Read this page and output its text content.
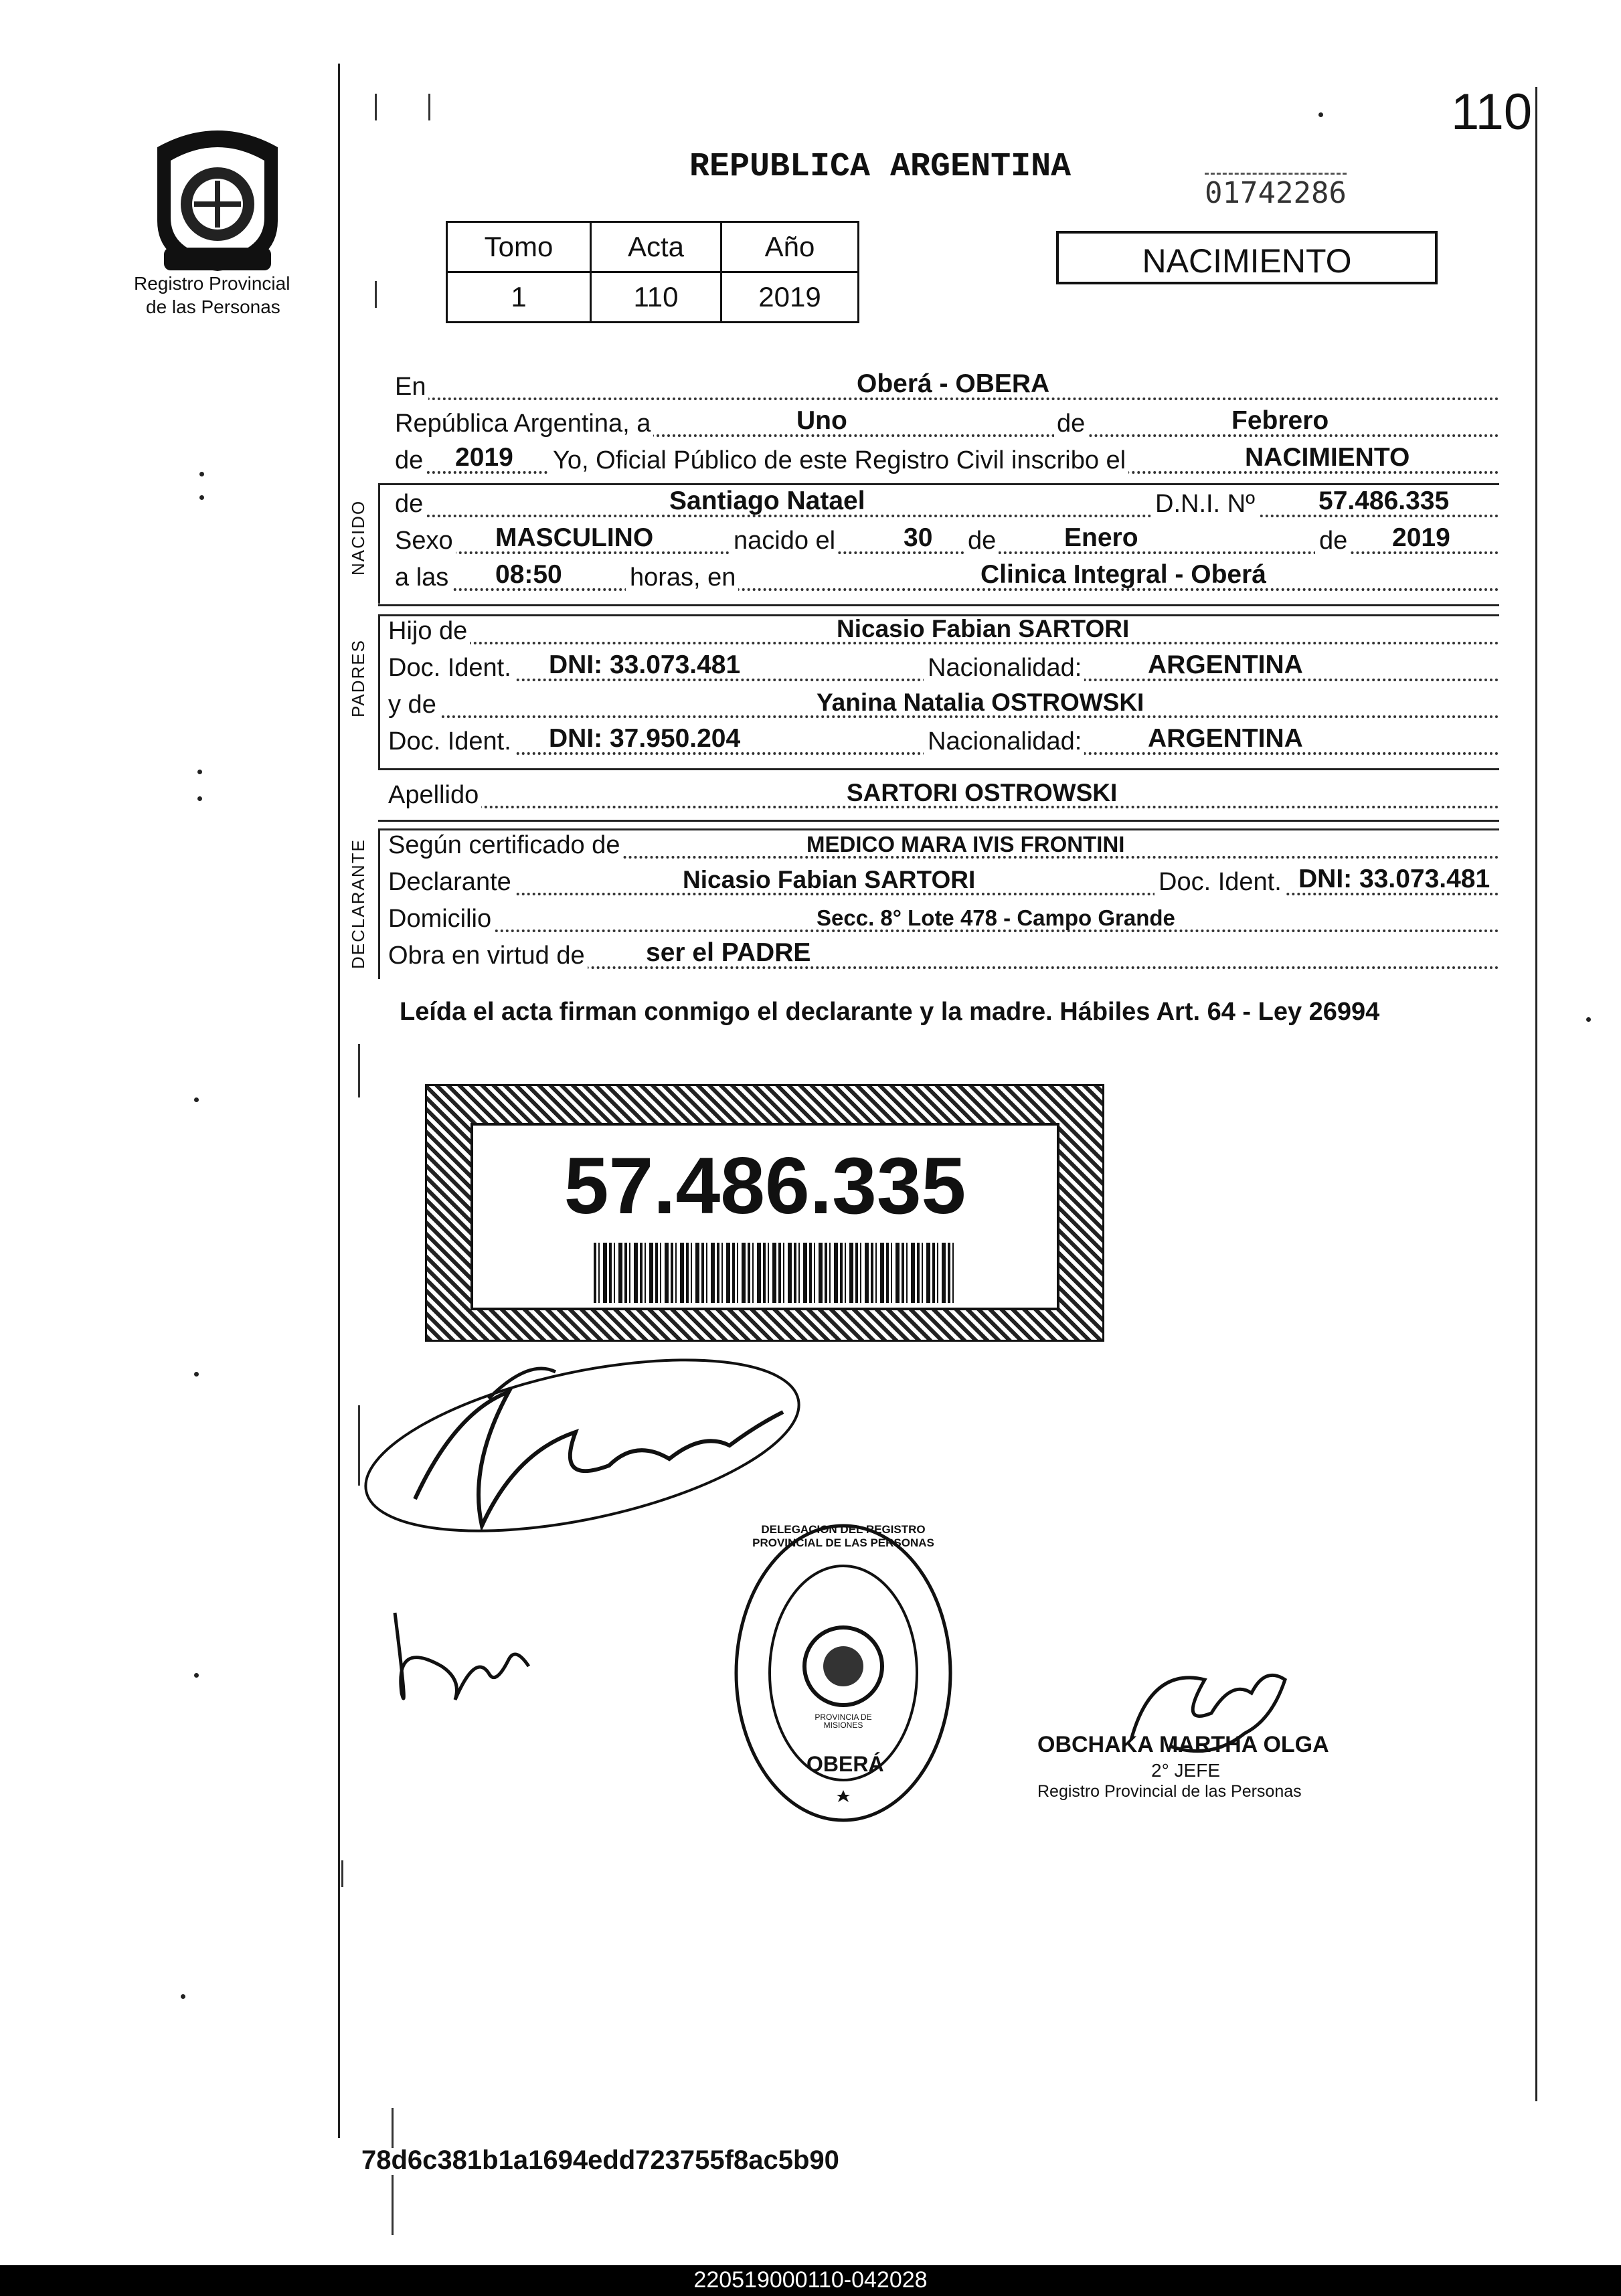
110
Registro Provincial
de las Personas
REPUBLICA ARGENTINA
01742286
Tomo	Acta	Año
1	110	2019
NACIMIENTO
En	Oberá - OBERA
República Argentina, a	Uno	de	Febrero
de 2019 Yo, Oficial Público de este Registro Civil inscribo el	NACIMIENTO
NACIDO de	Santiago Natael	D.N.I. Nº 57.486.335
Sexo MASCULINO	nacido el	30 de	Enero	de 2019
a las 08:50	horas, en	Clinica Integral - Oberá
PADRES
Hijo de	Nicasio Fabian SARTORI
Doc. Ident. DNI: 33.073.481	Nacionalidad:	ARGENTINA
y de	Yanina Natalia OSTROWSKI
Doc. Ident. DNI: 37.950.204	Nacionalidad:	ARGENTINA
Apellido	SARTORI OSTROWSKI
DECLARANTE Según certificado de	MEDICO MARA IVIS FRONTINI
Declarante	Nicasio Fabian SARTORI	Doc. Ident. DNI: 33.073.481
Domicilio	Secc. 8° Lote 478 - Campo Grande
Obra en virtud de ser el PADRE
Leída el acta firman conmigo el declarante y la madre. Hábiles Art. 64 - Ley 26994
57.486.335
DELEGACION DEL REGISTRO PROVINCIAL DE LAS PERSONAS
OBERÁ
PROVINCIA DE MISIONES
OBCHAKA MARTHA OLGA
2° JEFE
Registro Provincial de las Personas
78d6c381b1a1694edd723755f8ac5b90
220519000110-042028
